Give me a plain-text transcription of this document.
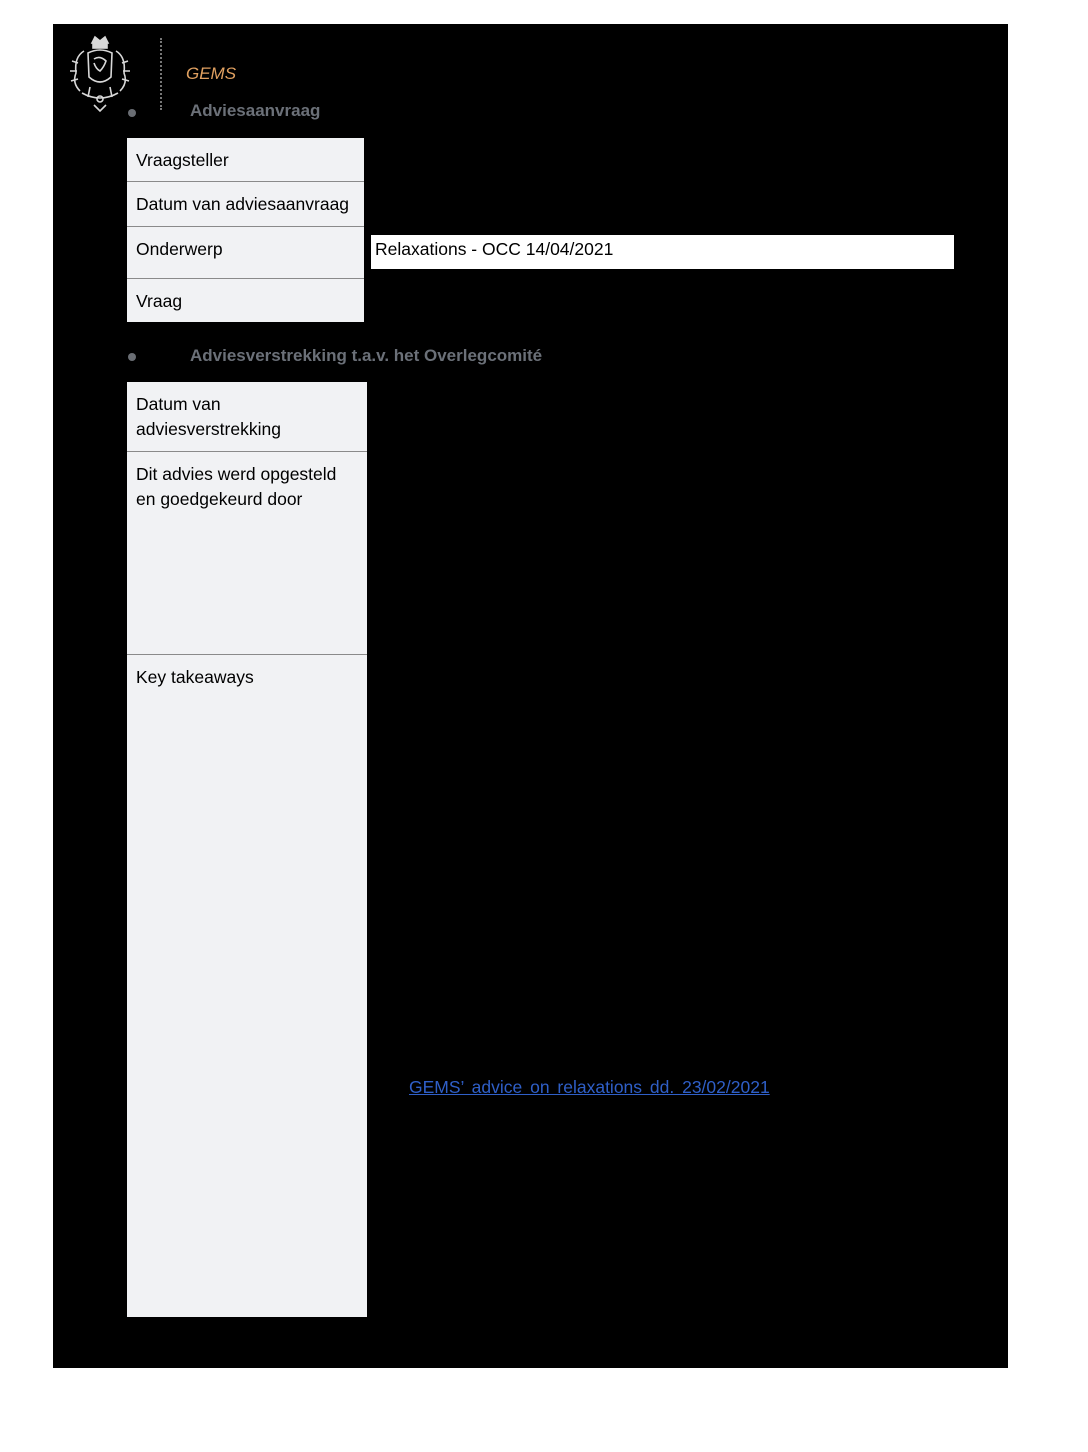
GEMS
Adviesaanvraag
Vraagsteller
Datum van adviesaanvraag
Onderwerp	Relaxations - OCC 14/04/2021
Vraag
Adviesverstrekking t.a.v. het Overlegcomité
Datum van
adviesverstrekking
Dit advies werd opgesteld
en goedgekeurd door
Key takeaways
GEMS’ advice on relaxations dd. 23/02/2021
